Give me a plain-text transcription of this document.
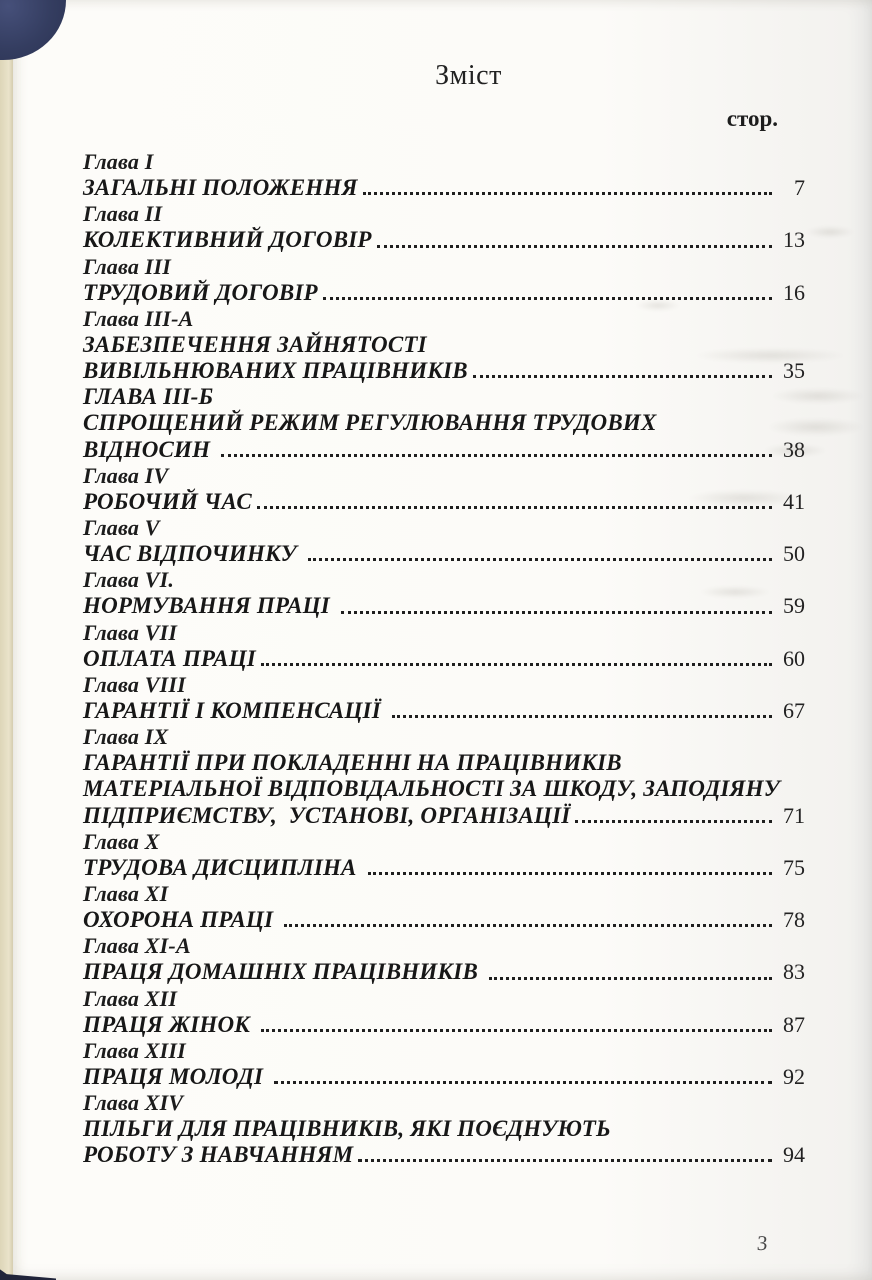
Зміст
стор.
Глава I
ЗАГАЛЬНІ ПОЛОЖЕННЯ	7
Глава II
КОЛЕКТИВНИЙ ДОГОВІР	13
Глава III
ТРУДОВИЙ ДОГОВІР	16
Глава III-А
ЗАБЕЗПЕЧЕННЯ ЗАЙНЯТОСТІ
ВИВІЛЬНЮВАНИХ ПРАЦІВНИКІВ	35
ГЛАВА ІІІ-Б
СПРОЩЕНИЙ РЕЖИМ РЕГУЛЮВАННЯ ТРУДОВИХ
ВІДНОСИН	38
Глава IV
РОБОЧИЙ ЧАС	41
Глава V
ЧАС ВІДПОЧИНКУ	50
Глава VI.
НОРМУВАННЯ ПРАЦІ	59
Глава VII
ОПЛАТА ПРАЦІ	60
Глава VIII
ГАРАНТІЇ І КОМПЕНСАЦІЇ	67
Глава IX
ГАРАНТІЇ ПРИ ПОКЛАДЕННІ НА ПРАЦІВНИКІВ
МАТЕРІАЛЬНОЇ ВІДПОВІДАЛЬНОСТІ ЗА ШКОДУ, ЗАПОДІЯНУ
ПІДПРИЄМСТВУ,  УСТАНОВІ, ОРГАНІЗАЦІЇ	71
Глава X
ТРУДОВА ДИСЦИПЛІНА	75
Глава XI
ОХОРОНА ПРАЦІ	78
Глава XI-А
ПРАЦЯ ДОМАШНІХ ПРАЦІВНИКІВ	83
Глава XII
ПРАЦЯ ЖІНОК	87
Глава XIII
ПРАЦЯ МОЛОДІ	92
Глава XIV
ПІЛЬГИ ДЛЯ ПРАЦІВНИКІВ, ЯКІ ПОЄДНУЮТЬ
РОБОТУ З НАВЧАННЯМ	94
3
